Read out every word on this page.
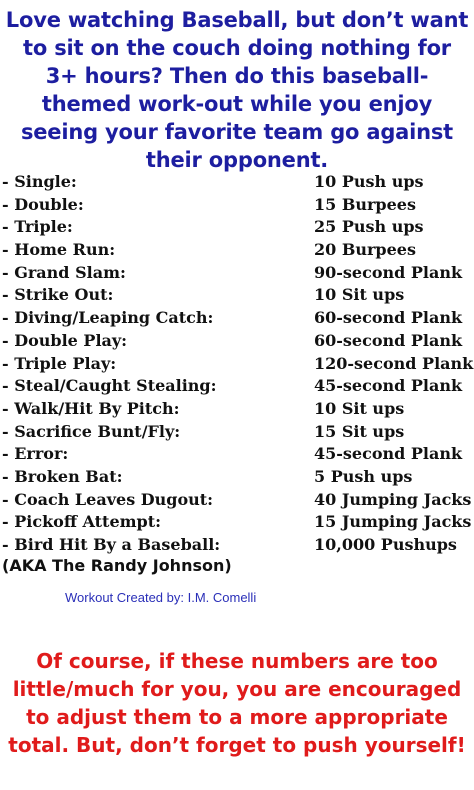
Love watching Baseball, but don’t want to sit on the couch doing nothing for 3+ hours? Then do this baseball-themed work-out while you enjoy seeing your favorite team go against their opponent.
- Single:	10 Push ups
- Double:	15 Burpees
- Triple:	25 Push ups
- Home Run:	20 Burpees
- Grand Slam:	90-second Plank
- Strike Out:	10 Sit ups
- Diving/Leaping Catch:	60-second Plank
- Double Play:	60-second Plank
- Triple Play:	120-second Plank
- Steal/Caught Stealing:	45-second Plank
- Walk/Hit By Pitch:	10 Sit ups
- Sacrifice Bunt/Fly:	15 Sit ups
- Error:	45-second Plank
- Broken Bat:	5 Push ups
- Coach Leaves Dugout:	40 Jumping Jacks
- Pickoff Attempt:	15 Jumping Jacks
- Bird Hit By a Baseball:	10,000 Pushups
(AKA The Randy Johnson)
Workout Created by: I.M. Comelli
Of course, if these numbers are too little/much for you, you are encouraged to adjust them to a more appropriate total. But, don’t forget to push yourself!
